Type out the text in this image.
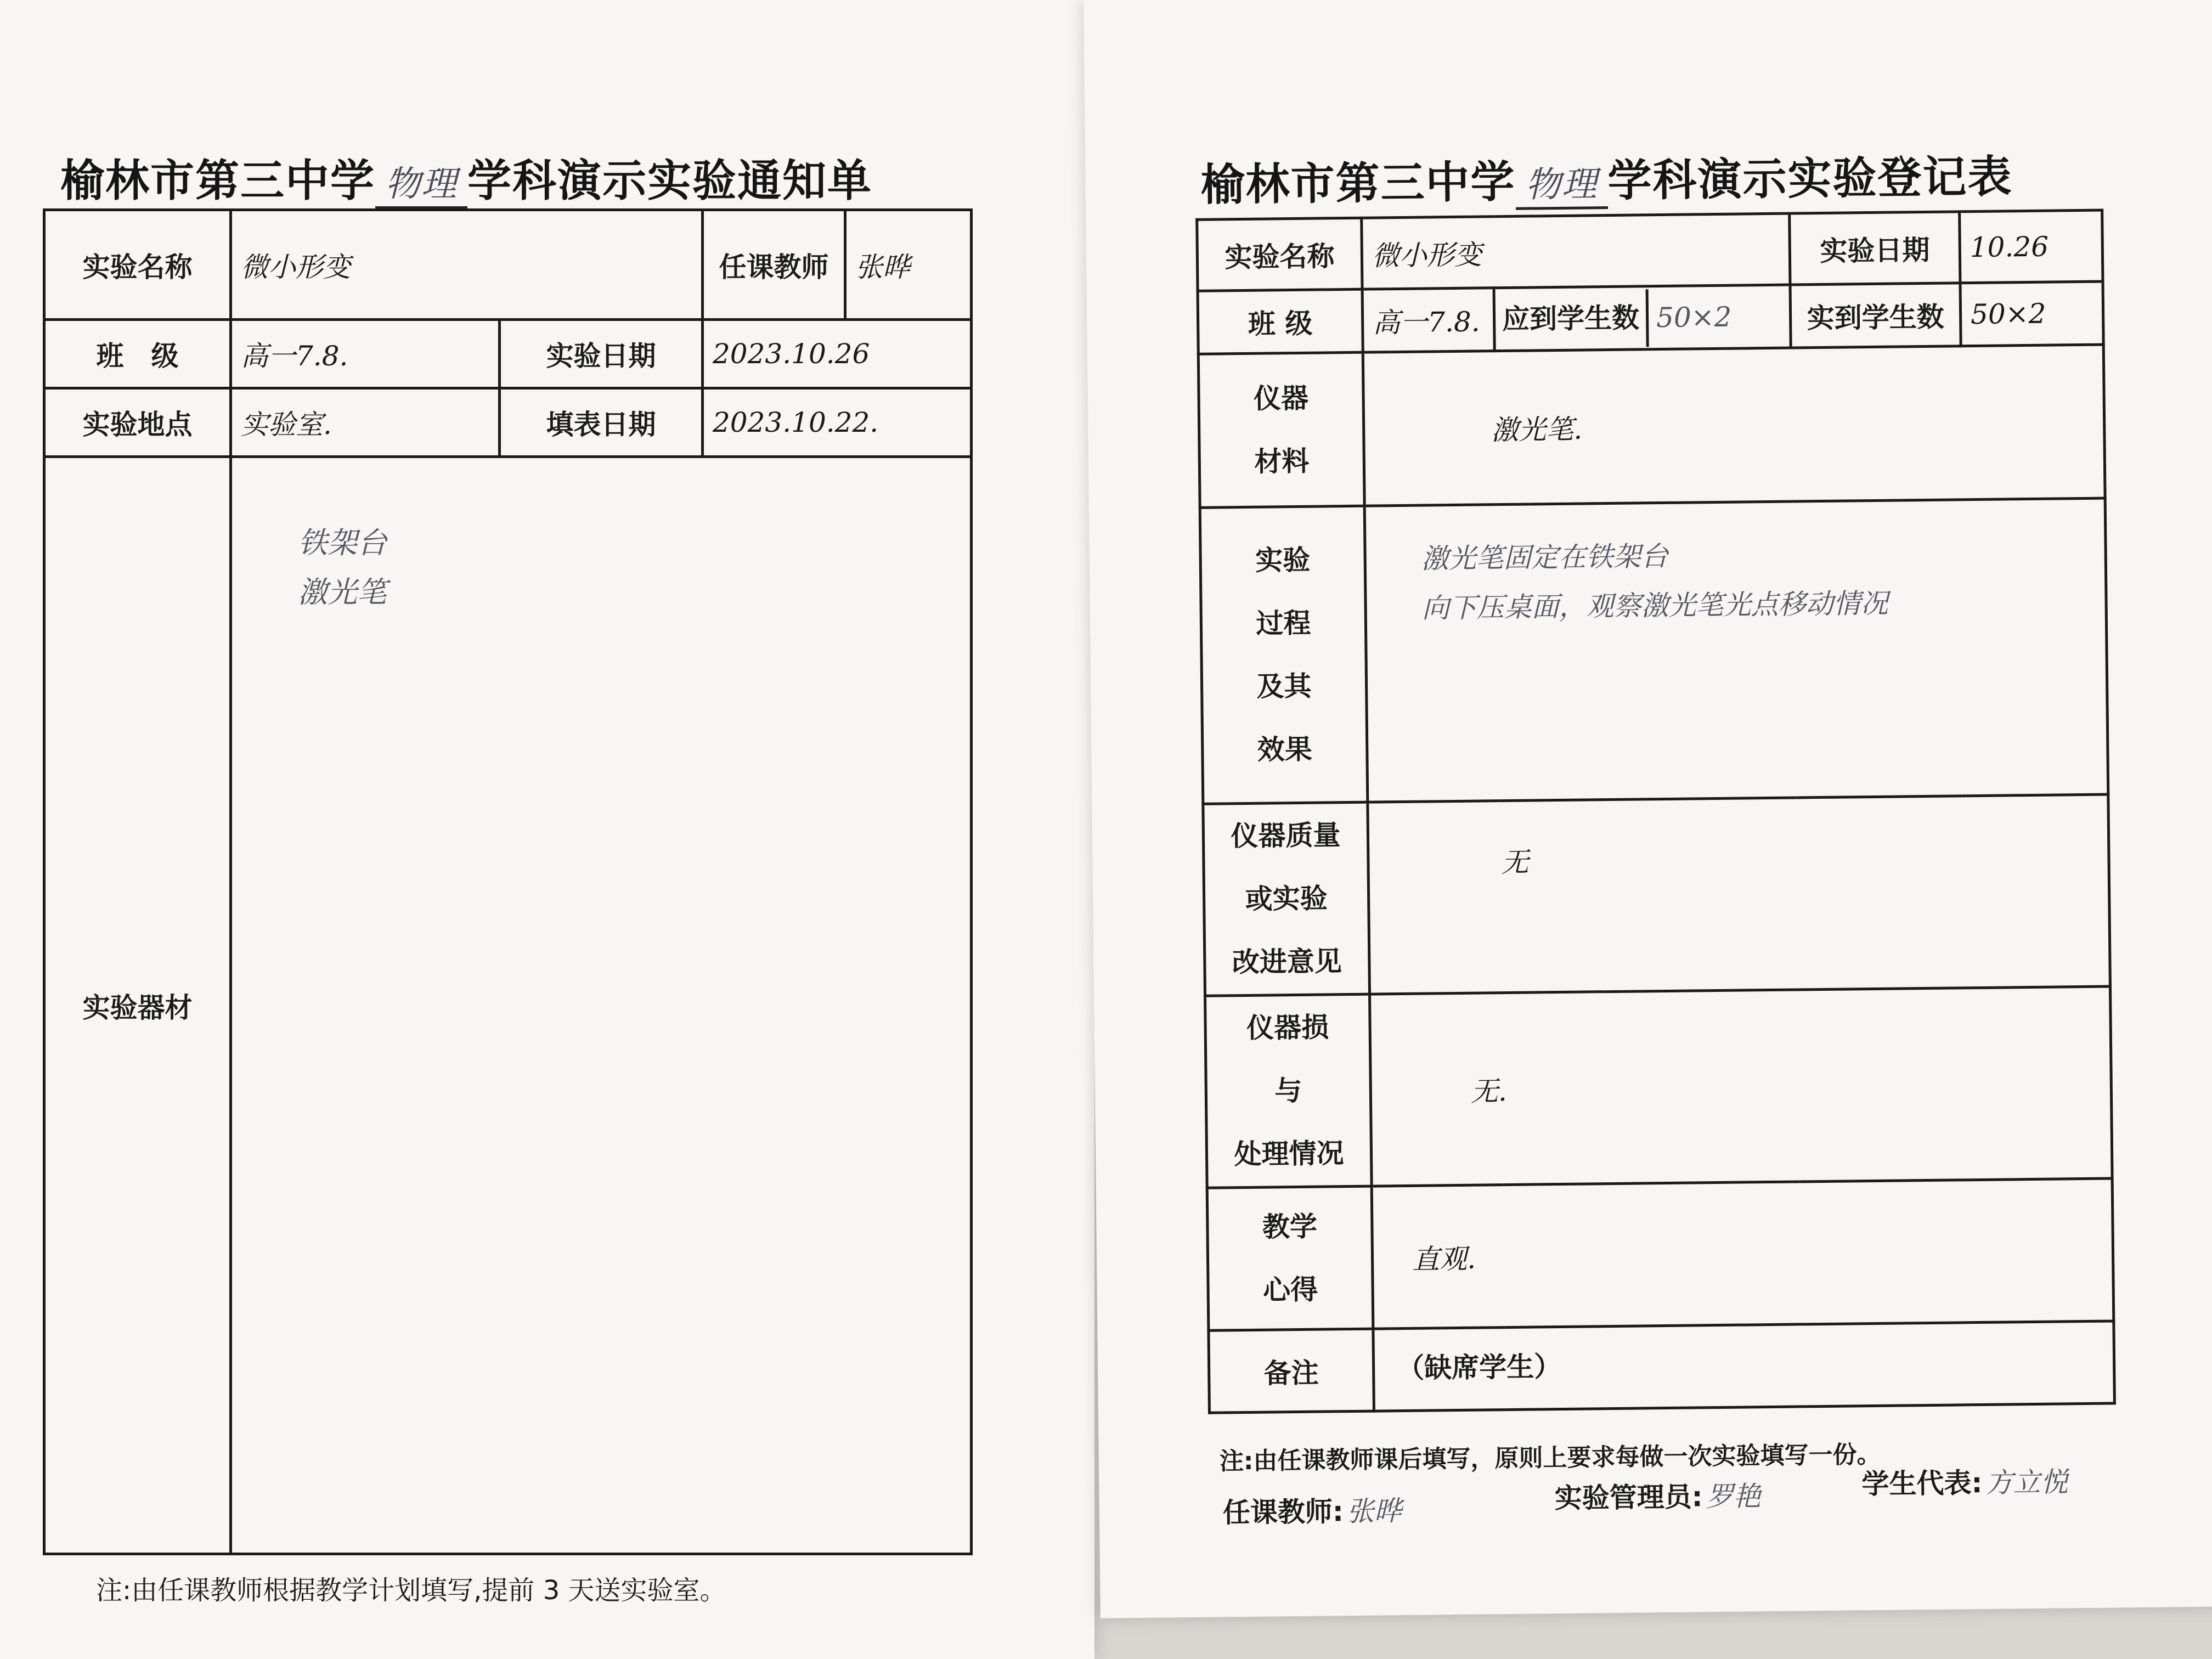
榆林市第三中学 物理 学科演示实验通知单
实验名称	微小形变		任课教师	张晔
班　级	高一7.8.	实验日期	2023.10.26	
实验地点	实验室.	填表日期	2023.10.22.	
实验器材	铁架台
激光笔			
注:由任课教师根据教学计划填写,提前 3 天送实验室。
榆林市第三中学 物理 学科演示实验登记表
实验名称	微小形变		实验日期	10.26
班 级	高一7.8.	应到学生数 50×2	实到学生数	50×2

仪器
材料	激光笔.			

实验
过程
及其
效果	激光笔固定在铁架台
向下压桌面，观察激光笔光点移动情况			

仪器质量
或实验
改进意见	无			

仪器损
与
处理情况	无.			

教学
心得	直观.			
备注	（缺席学生）			
注:由任课教师课后填写，原则上要求每做一次实验填写一份。
任课教师: 张晔	实验管理员: 罗艳	学生代表: 方立悦
